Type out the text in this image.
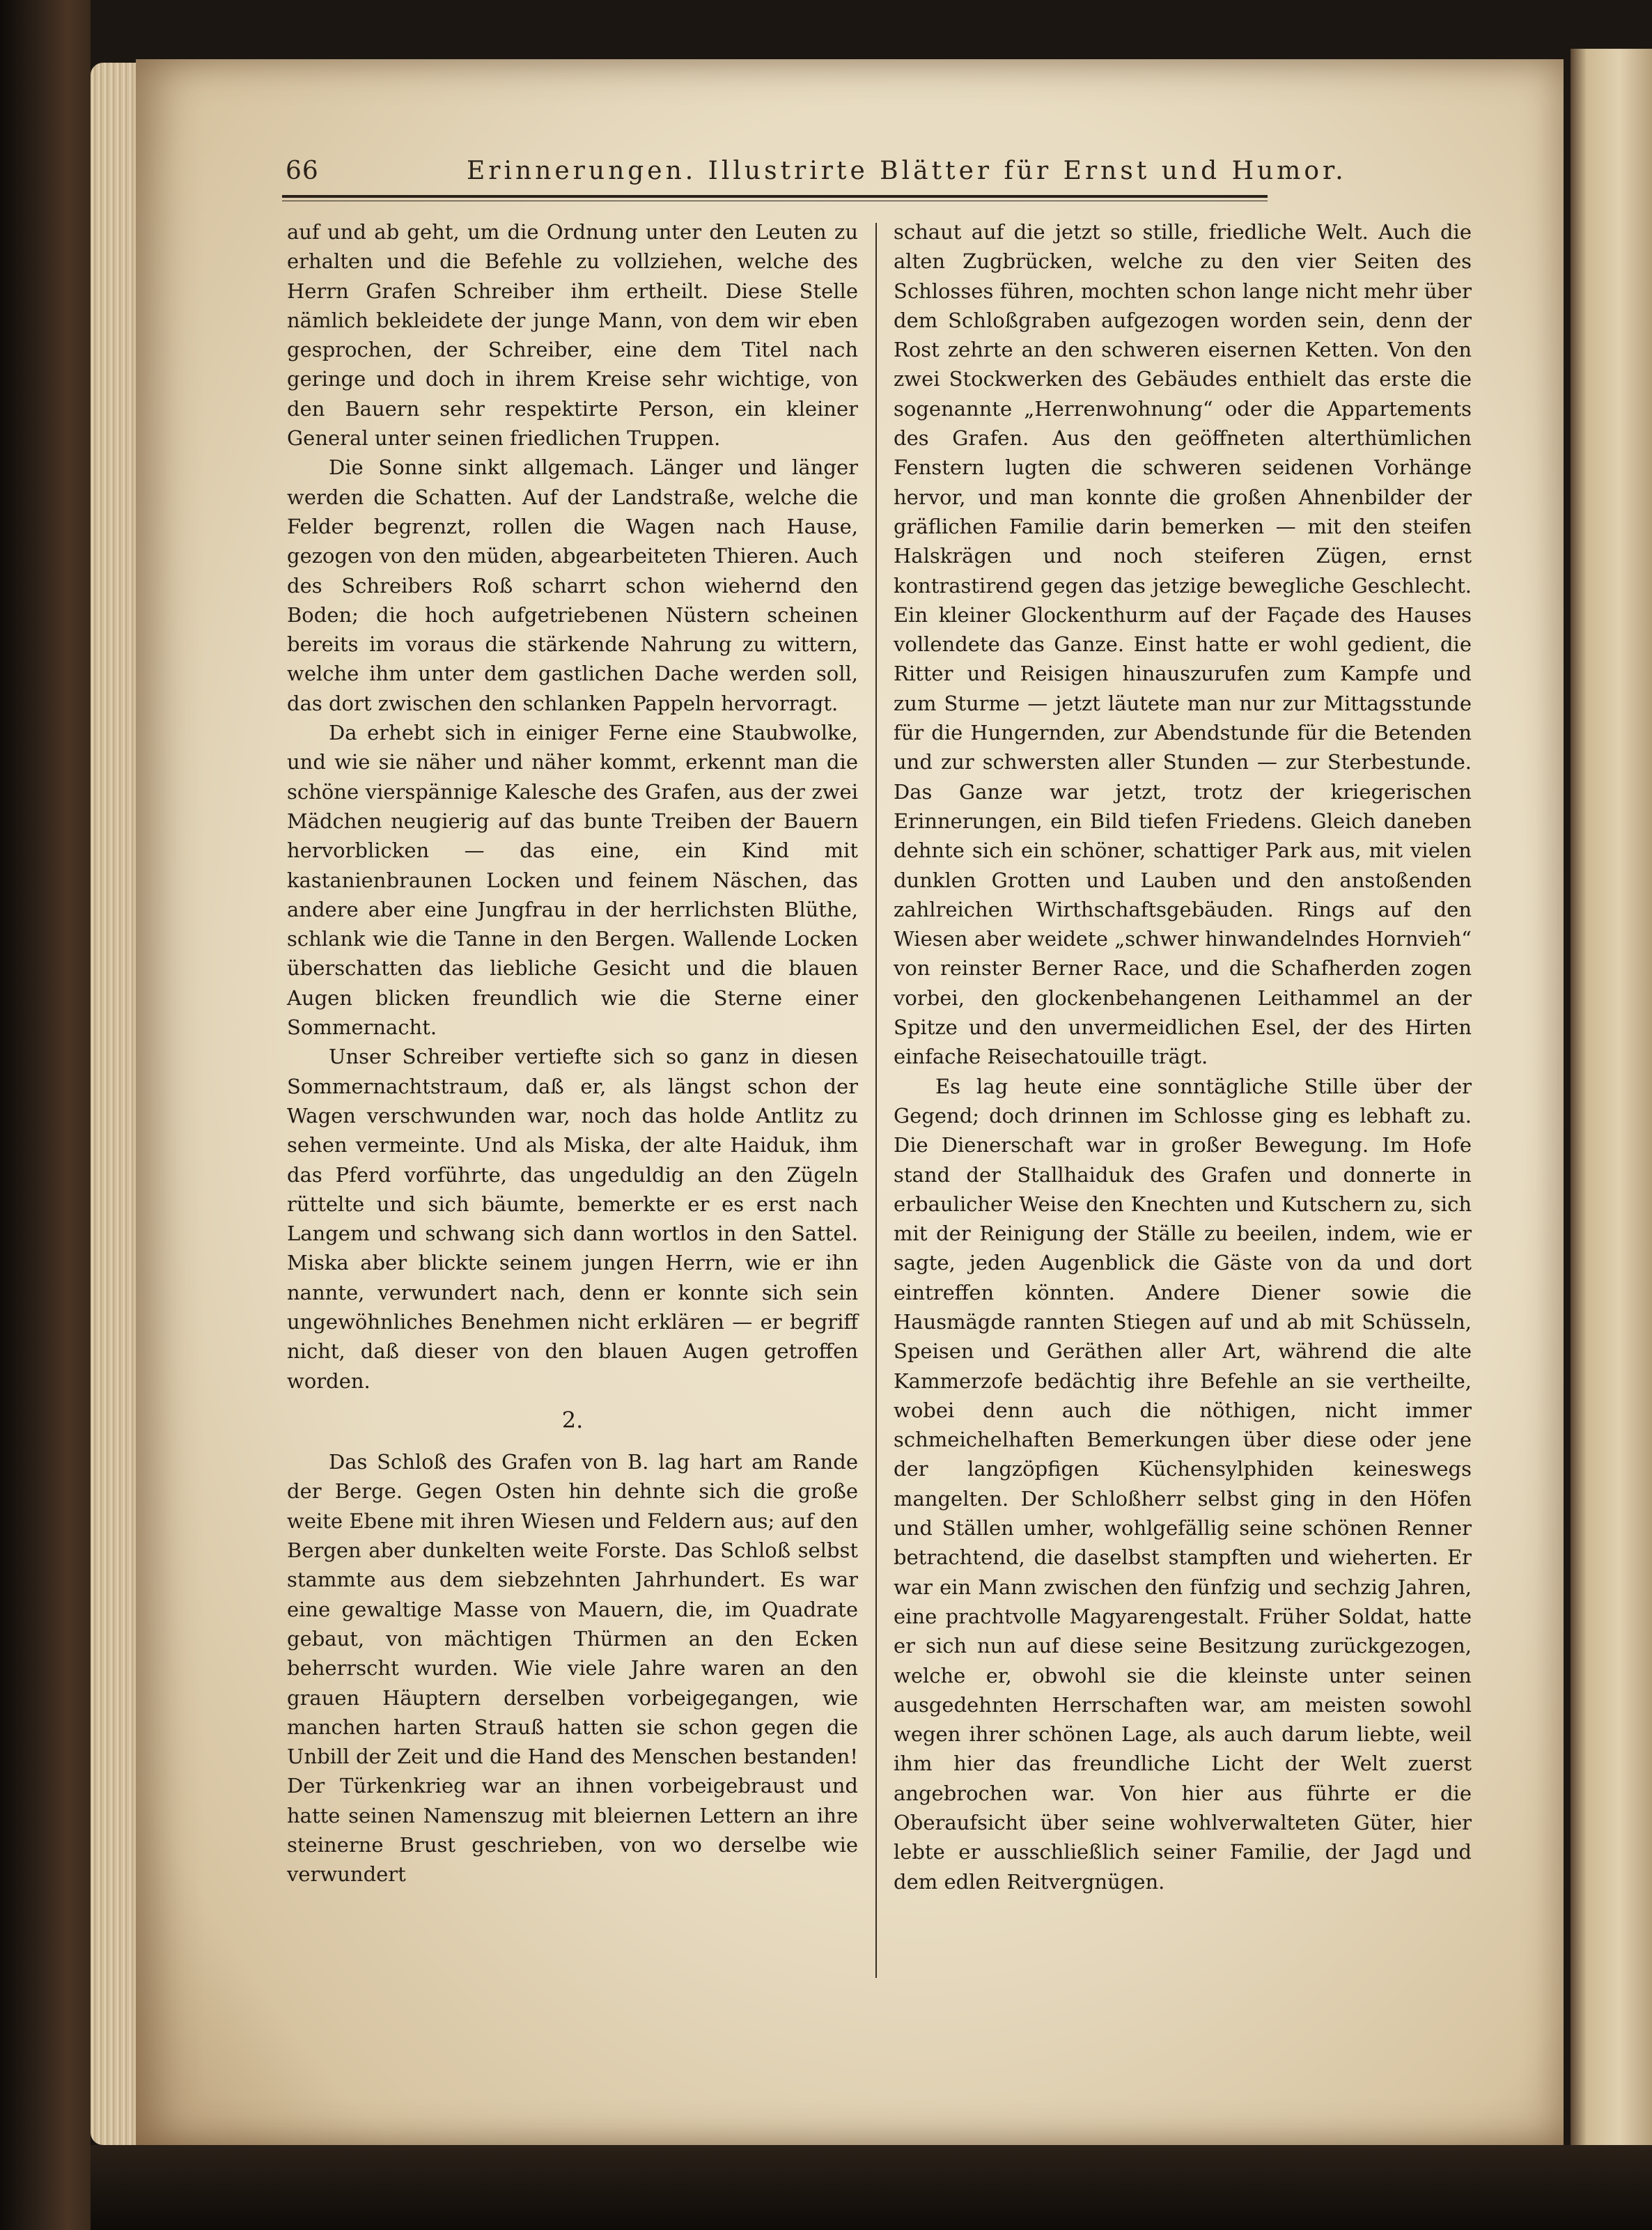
66	Erinnerungen. Illustrirte Blätter für Ernst und Humor.

auf und ab geht, um die Ordnung unter den Leuten zu erhalten und die Befehle zu vollziehen, welche des Herrn Grafen Schreiber ihm ertheilt. Diese Stelle nämlich bekleidete der junge Mann, von dem wir eben gesprochen, der Schreiber, eine dem Titel nach geringe und doch in ihrem Kreise sehr wichtige, von den Bauern sehr respektirte Person, ein kleiner General unter seinen friedlichen Truppen.

Die Sonne sinkt allgemach. Länger und länger werden die Schatten. Auf der Landstraße, welche die Felder begrenzt, rollen die Wagen nach Hause, gezogen von den müden, abgearbeiteten Thieren. Auch des Schreibers Roß scharrt schon wiehernd den Boden; die hoch aufgetriebenen Nüstern scheinen bereits im voraus die stärkende Nahrung zu wittern, welche ihm unter dem gastlichen Dache werden soll, das dort zwischen den schlanken Pappeln hervorragt.

Da erhebt sich in einiger Ferne eine Staubwolke, und wie sie näher und näher kommt, erkennt man die schöne vierspännige Kalesche des Grafen, aus der zwei Mädchen neugierig auf das bunte Treiben der Bauern hervorblicken — das eine, ein Kind mit kastanienbraunen Locken und feinem Näschen, das andere aber eine Jungfrau in der herrlichsten Blüthe, schlank wie die Tanne in den Bergen. Wallende Locken überschatten das liebliche Gesicht und die blauen Augen blicken freundlich wie die Sterne einer Sommernacht.

Unser Schreiber vertiefte sich so ganz in diesen Sommernachtstraum, daß er, als längst schon der Wagen verschwunden war, noch das holde Antlitz zu sehen vermeinte. Und als Miska, der alte Haiduk, ihm das Pferd vorführte, das ungeduldig an den Zügeln rüttelte und sich bäumte, bemerkte er es erst nach Langem und schwang sich dann wortlos in den Sattel. Miska aber blickte seinem jungen Herrn, wie er ihn nannte, verwundert nach, denn er konnte sich sein ungewöhnliches Benehmen nicht erklären — er begriff nicht, daß dieser von den blauen Augen getroffen worden.

2.

Das Schloß des Grafen von B. lag hart am Rande der Berge. Gegen Osten hin dehnte sich die große weite Ebene mit ihren Wiesen und Feldern aus; auf den Bergen aber dunkelten weite Forste. Das Schloß selbst stammte aus dem siebzehnten Jahrhundert. Es war eine gewaltige Masse von Mauern, die, im Quadrate gebaut, von mächtigen Thürmen an den Ecken beherrscht wurden. Wie viele Jahre waren an den grauen Häuptern derselben vorbeigegangen, wie manchen harten Strauß hatten sie schon gegen die Unbill der Zeit und die Hand des Menschen bestanden! Der Türkenkrieg war an ihnen vorbeigebraust und hatte seinen Namenszug mit bleiernen Lettern an ihre steinerne Brust geschrieben, von wo derselbe wie verwundert

schaut auf die jetzt so stille, friedliche Welt. Auch die alten Zugbrücken, welche zu den vier Seiten des Schlosses führen, mochten schon lange nicht mehr über dem Schloßgraben aufgezogen worden sein, denn der Rost zehrte an den schweren eisernen Ketten. Von den zwei Stockwerken des Gebäudes enthielt das erste die sogenannte „Herrenwohnung“ oder die Appartements des Grafen. Aus den geöffneten alterthümlichen Fenstern lugten die schweren seidenen Vorhänge hervor, und man konnte die großen Ahnenbilder der gräflichen Familie darin bemerken — mit den steifen Halskrägen und noch steiferen Zügen, ernst kontrastirend gegen das jetzige bewegliche Geschlecht. Ein kleiner Glockenthurm auf der Façade des Hauses vollendete das Ganze. Einst hatte er wohl gedient, die Ritter und Reisigen hinauszurufen zum Kampfe und zum Sturme — jetzt läutete man nur zur Mittagsstunde für die Hungernden, zur Abendstunde für die Betenden und zur schwersten aller Stunden — zur Sterbestunde. Das Ganze war jetzt, trotz der kriegerischen Erinnerungen, ein Bild tiefen Friedens. Gleich daneben dehnte sich ein schöner, schattiger Park aus, mit vielen dunklen Grotten und Lauben und den anstoßenden zahlreichen Wirthschaftsgebäuden. Rings auf den Wiesen aber weidete „schwer hinwandelndes Hornvieh“ von reinster Berner Race, und die Schafherden zogen vorbei, den glockenbehangenen Leithammel an der Spitze und den unvermeidlichen Esel, der des Hirten einfache Reisechatouille trägt.

Es lag heute eine sonntägliche Stille über der Gegend; doch drinnen im Schlosse ging es lebhaft zu. Die Dienerschaft war in großer Bewegung. Im Hofe stand der Stallhaiduk des Grafen und donnerte in erbaulicher Weise den Knechten und Kutschern zu, sich mit der Reinigung der Ställe zu beeilen, indem, wie er sagte, jeden Augenblick die Gäste von da und dort eintreffen könnten. Andere Diener sowie die Hausmägde rannten Stiegen auf und ab mit Schüsseln, Speisen und Geräthen aller Art, während die alte Kammerzofe bedächtig ihre Befehle an sie vertheilte, wobei denn auch die nöthigen, nicht immer schmeichelhaften Bemerkungen über diese oder jene der langzöpfigen Küchensylphiden keineswegs mangelten. Der Schloßherr selbst ging in den Höfen und Ställen umher, wohlgefällig seine schönen Renner betrachtend, die daselbst stampften und wieherten. Er war ein Mann zwischen den fünfzig und sechzig Jahren, eine prachtvolle Magyarengestalt. Früher Soldat, hatte er sich nun auf diese seine Besitzung zurückgezogen, welche er, obwohl sie die kleinste unter seinen ausgedehnten Herrschaften war, am meisten sowohl wegen ihrer schönen Lage, als auch darum liebte, weil ihm hier das freundliche Licht der Welt zuerst angebrochen war. Von hier aus führte er die Oberaufsicht über seine wohlverwalteten Güter, hier lebte er ausschließlich seiner Familie, der Jagd und dem edlen Reitvergnügen.
